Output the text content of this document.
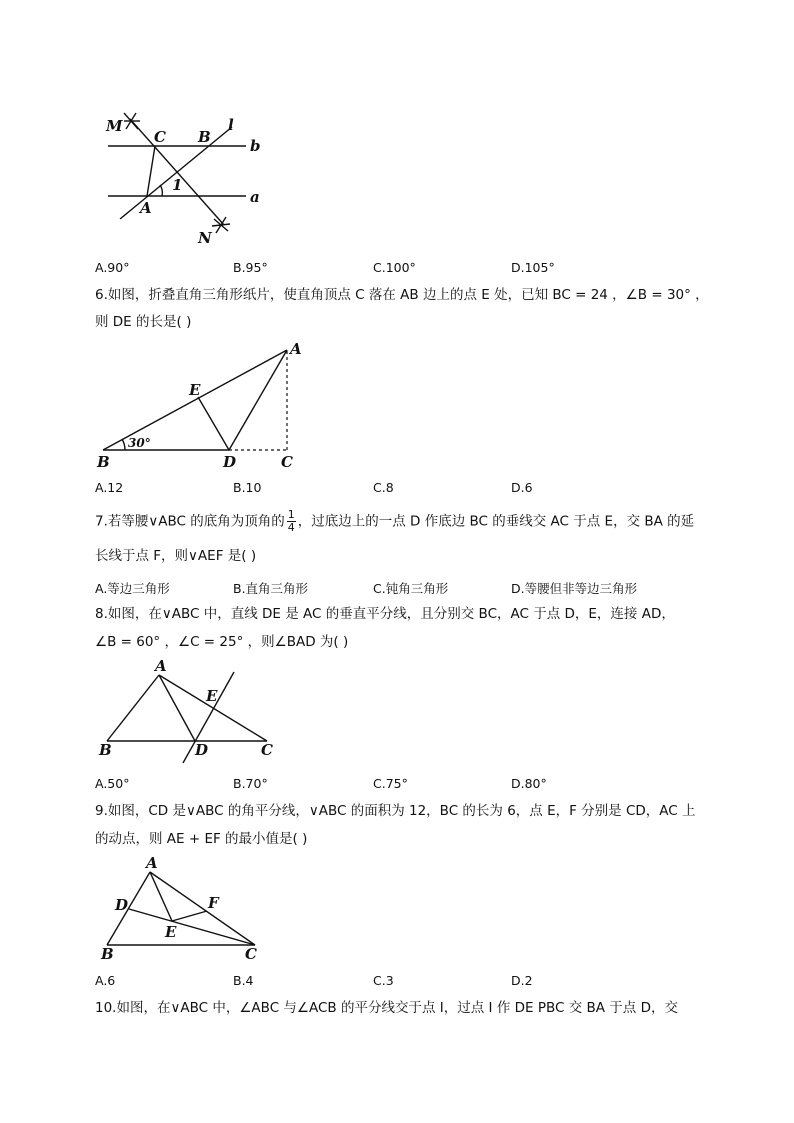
M
C B
l
b
1
A
a
N
A.90°	B.95°	C.100°	D.105°
6.如图，折叠直角三角形纸片，使直角顶点 C 落在 AB 边上的点 E 处，已知 BC = 24 ，∠B = 30° ，
则 DE 的长是( )
A
E
B	D	C
30°
A.12	B.10	C.8	D.6
7.若等腰∨ABC 的底角为顶角的 $\frac{1}{4}$ ，过底边上的一点 D 作底边 BC 的垂线交 AC 于点 E，交 BA 的延
长线于点 F，则∨AEF 是( )
A.等边三角形	B.直角三角形	C.钝角三角形	D.等腰但非等边三角形
8.如图，在∨ABC 中，直线 DE 是 AC 的垂直平分线，且分别交 BC，AC 于点 D，E，连接 AD，
∠B = 60° ，∠C = 25° ，则∠BAD 为( )
A
E
B	D	C
A.50°	B.70°	C.75°	D.80°
9.如图，CD 是∨ABC 的角平分线，∨ABC 的面积为 12，BC 的长为 6，点 E，F 分别是 CD，AC 上
的动点，则 AE + EF 的最小值是( )
A
D	F
E
B	C
A.6	B.4	C.3	D.2
10.如图，在∨ABC 中，∠ABC 与∠ACB 的平分线交于点 I，过点 I 作 DE PBC 交 BA 于点 D，交
